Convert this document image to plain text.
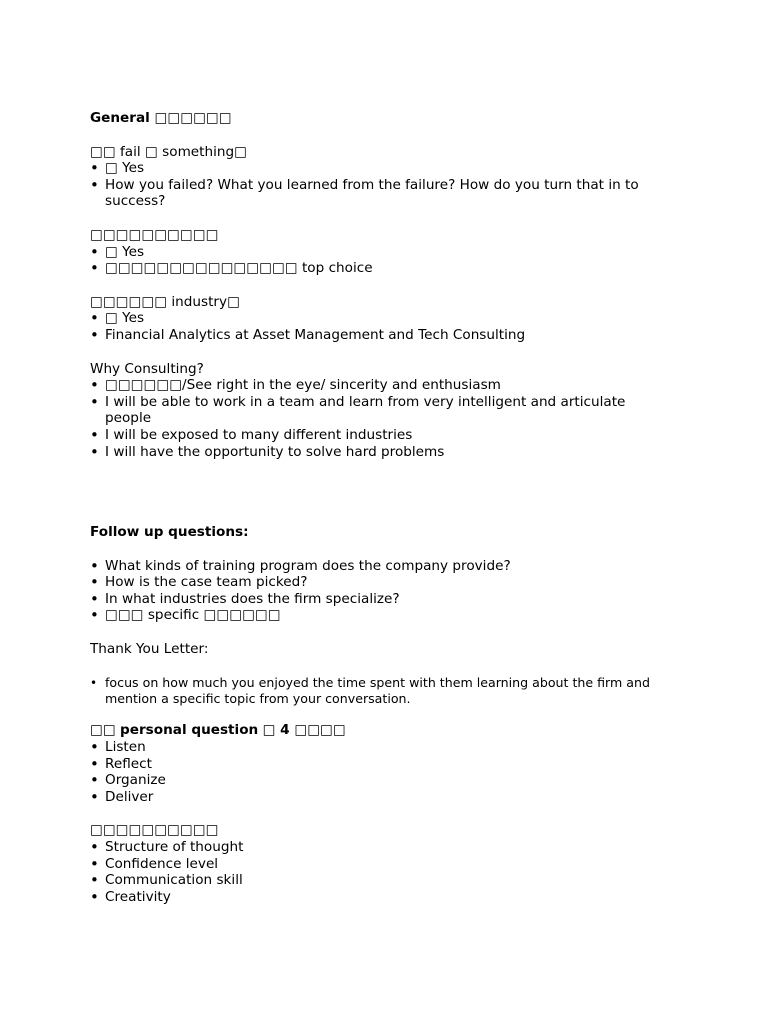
General □□□□□□

□□ fail □ something□

• □ Yes
• How you failed? What you learned from the failure? How do you turn that in to success?

□□□□□□□□□□

• □ Yes
• □□□□□□□□□□□□□□□ top choice

□□□□□□ industry□

• □ Yes
• Financial Analytics at Asset Management and Tech Consulting

Why Consulting?

• □□□□□□/See right in the eye/ sincerity and enthusiasm
• I will be able to work in a team and learn from very intelligent and articulate people
• I will be exposed to many different industries
• I will have the opportunity to solve hard problems

Follow up questions:

• What kinds of training program does the company provide?
• How is the case team picked?
• In what industries does the firm specialize?
• □□□ specific □□□□□□

Thank You Letter:

• focus on how much you enjoyed the time spent with them learning about the firm and mention a specific topic from your conversation.

□□ personal question □ 4 □□□□

• Listen
• Reflect
• Organize
• Deliver

□□□□□□□□□□

• Structure of thought
• Confidence level
• Communication skill
• Creativity
